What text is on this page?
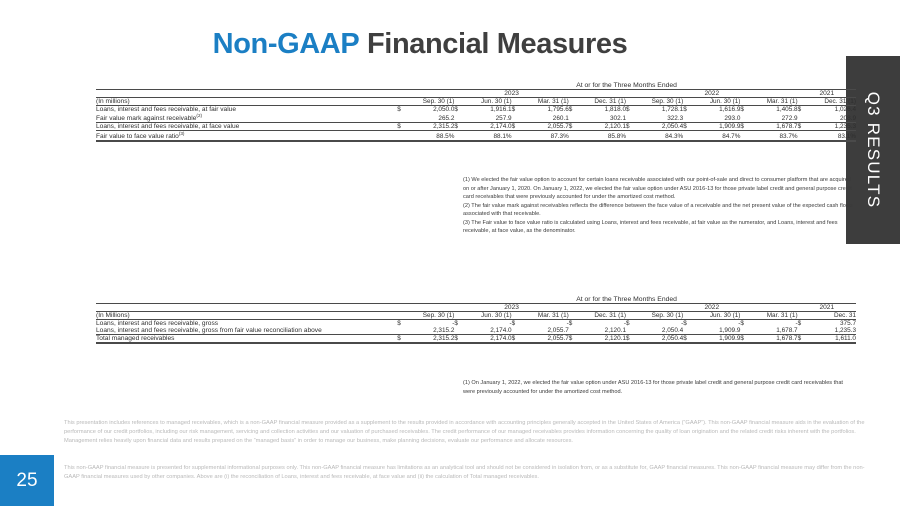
Non-GAAP Financial Measures
Q3 RESULTS
25
	At or for the Three Months Ended															
	2023								2022						2021	
(In millions)		Sep. 30 (1)		Jun. 30 (1)		Mar. 31 (1)		Dec. 31 (1)		Sep. 30 (1)		Jun. 30 (1)		Mar. 31 (1)		Dec. 31 (1)
Loans, interest and fees receivable, at fair value	$	2,050.0	$	1,916.1	$	1,795.6	$	1,818.0	$	1,728.1	$	1,616.9	$	1,405.8	$	1,026.4
Fair value mark against receivable$^{(2)}$		265.2		257.9		260.1		302.1		322.3		293.0		272.9		208.9
Loans, interest and fees receivable, at face value	$	2,315.2	$	2,174.0	$	2,055.7	$	2,120.1	$	2,050.4	$	1,909.9	$	1,678.7	$	1,235.3
Fair value to face value ratio$^{(3)}$		88.5%		88.1%		87.3%		85.8%		84.3%		84.7%		83.7%		83.1%

(1) We elected the fair value option to account for certain loans receivable associated with our point-of-sale and direct to consumer platform that are acquired on or after January 1, 2020. On January 1, 2022, we elected the fair value option under ASU 2016-13 for those private label credit and general purpose credit card receivables that were previously accounted for under the amortized cost method.

(2) The fair value mark against receivables reflects the difference between the face value of a receivable and the net present value of the expected cash flows associated with that receivable.

(3) The Fair value to face value ratio is calculated using Loans, interest and fees receivable, at fair value as the numerator, and Loans, interest and fees receivable, at face value, as the denominator.

	At or for the Three Months Ended															
	2023								2022						2021	
(In Millions)		Sep. 30 (1)		Jun. 30 (1)		Mar. 31 (1)		Dec. 31 (1)		Sep. 30 (1)		Jun. 30 (1)		Mar. 31 (1)		Dec. 31
Loans, interest and fees receivable, gross	$	-	$	-	$	-	$	-	$	-	$	-	$	-	$	375.7
Loans, interest and fees receivable, gross from fair value reconciliation above		2,315.2		2,174.0		2,055.7		2,120.1		2,050.4		1,909.9		1,678.7		1,235.3
Total managed receivables	$	2,315.2	$	2,174.0	$	2,055.7	$	2,120.1	$	2,050.4	$	1,909.9	$	1,678.7	$	1,611.0

(1) On January 1, 2022, we elected the fair value option under ASU 2016-13 for those private label credit and general purpose credit card receivables that were previously accounted for under the amortized cost method.

This presentation includes references to managed receivables, which is a non-GAAP financial measure provided as a supplement to the results provided in accordance with accounting principles generally accepted in the United States of America (“GAAP”). This non-GAAP financial measure aids in the evaluation of the performance of our credit portfolios, including our risk management, servicing and collection activities and our valuation of purchased receivables. The credit performance of our managed receivables provides information concerning the quality of loan origination and the related credit risks inherent with the portfolios. Management relies heavily upon financial data and results prepared on the “managed basis” in order to manage our business, make planning decisions, evaluate our performance and allocate resources.

This non-GAAP financial measure is presented for supplemental informational purposes only. This non-GAAP financial measure has limitations as an analytical tool and should not be considered in isolation from, or as a substitute for, GAAP financial measures. This non-GAAP financial measure may differ from the non-GAAP financial measures used by other companies. Above are (i) the reconciliation of Loans, interest and fees receivable, at face value and (ii) the calculation of Total managed receivables.
